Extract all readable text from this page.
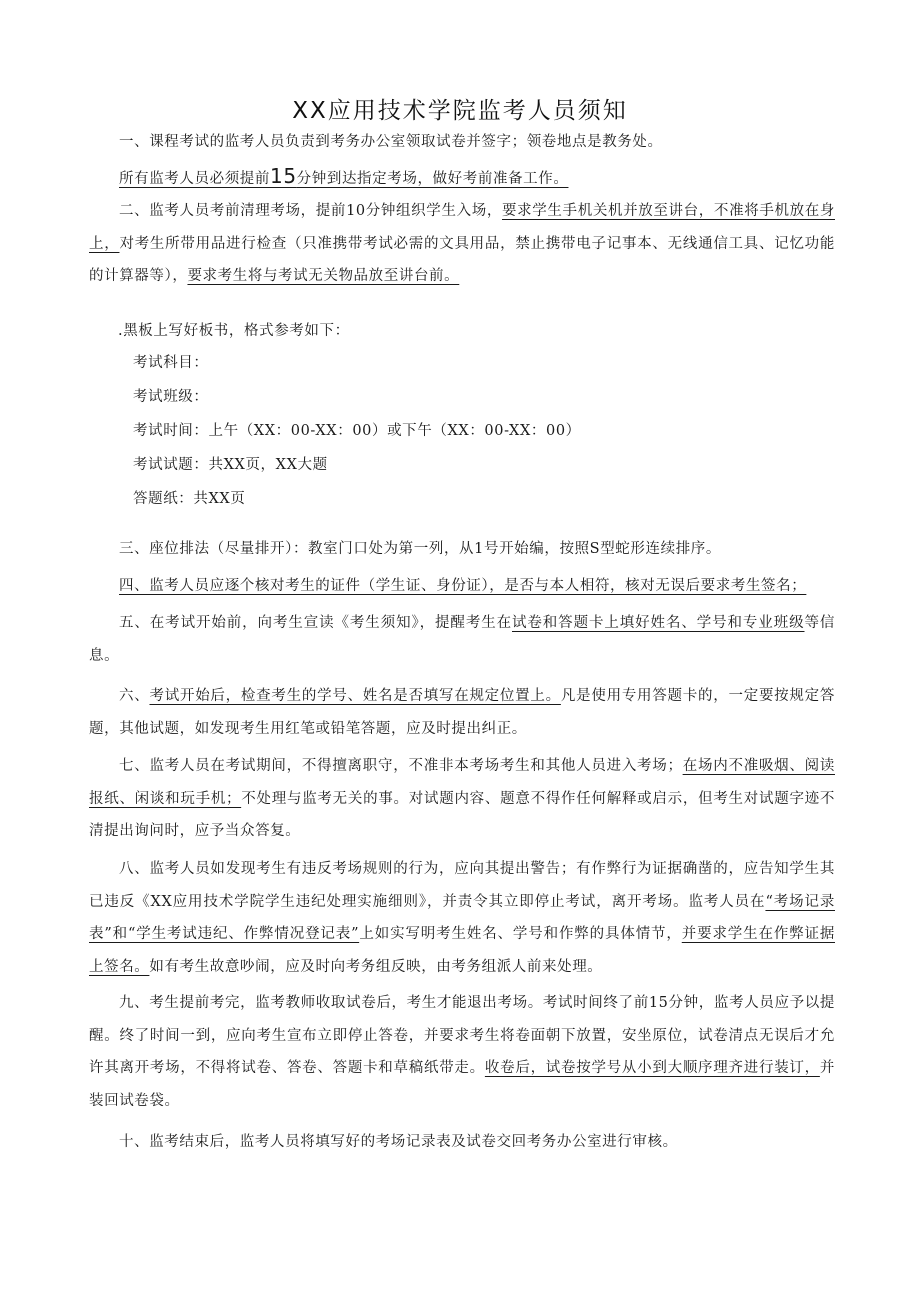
XX应用技术学院监考人员须知
一、课程考试的监考人员负责到考务办公室领取试卷并签字；领卷地点是教务处。
所有监考人员必须提前15分钟到达指定考场，做好考前准备工作。
二、监考人员考前清理考场，提前10分钟组织学生入场，要求学生手机关机并放至讲台，不准将手机放在身上，对考生所带用品进行检查（只准携带考试必需的文具用品，禁止携带电子记事本、无线通信工具、记忆功能的计算器等），要求考生将与考试无关物品放至讲台前。
.黑板上写好板书，格式参考如下：
考试科目：
考试班级：
考试时间：上午（XX：00-XX：00）或下午（XX：00-XX：00）
考试试题：共XX页，XX大题
答题纸：共XX页
三、座位排法（尽量排开）：教室门口处为第一列，从1号开始编，按照S型蛇形连续排序。
四、监考人员应逐个核对考生的证件（学生证、身份证），是否与本人相符，核对无误后要求考生签名；
五、在考试开始前，向考生宣读《考生须知》，提醒考生在试卷和答题卡上填好姓名、学号和专业班级等信息。
六、考试开始后，检查考生的学号、姓名是否填写在规定位置上。凡是使用专用答题卡的，一定要按规定答题，其他试题，如发现考生用红笔或铅笔答题，应及时提出纠正。
七、监考人员在考试期间，不得擅离职守，不准非本考场考生和其他人员进入考场；在场内不准吸烟、阅读报纸、闲谈和玩手机；不处理与监考无关的事。对试题内容、题意不得作任何解释或启示，但考生对试题字迹不清提出询问时，应予当众答复。
八、监考人员如发现考生有违反考场规则的行为，应向其提出警告；有作弊行为证据确凿的，应告知学生其已违反《XX应用技术学院学生违纪处理实施细则》，并责令其立即停止考试，离开考场。监考人员在“考场记录表”和“学生考试违纪、作弊情况登记表”上如实写明考生姓名、学号和作弊的具体情节，并要求学生在作弊证据上签名。如有考生故意吵闹，应及时向考务组反映，由考务组派人前来处理。
九、考生提前考完，监考教师收取试卷后，考生才能退出考场。考试时间终了前15分钟，监考人员应予以提醒。终了时间一到，应向考生宣布立即停止答卷，并要求考生将卷面朝下放置，安坐原位，试卷清点无误后才允许其离开考场，不得将试卷、答卷、答题卡和草稿纸带走。收卷后，试卷按学号从小到大顺序理齐进行装订，并装回试卷袋。
十、监考结束后，监考人员将填写好的考场记录表及试卷交回考务办公室进行审核。
